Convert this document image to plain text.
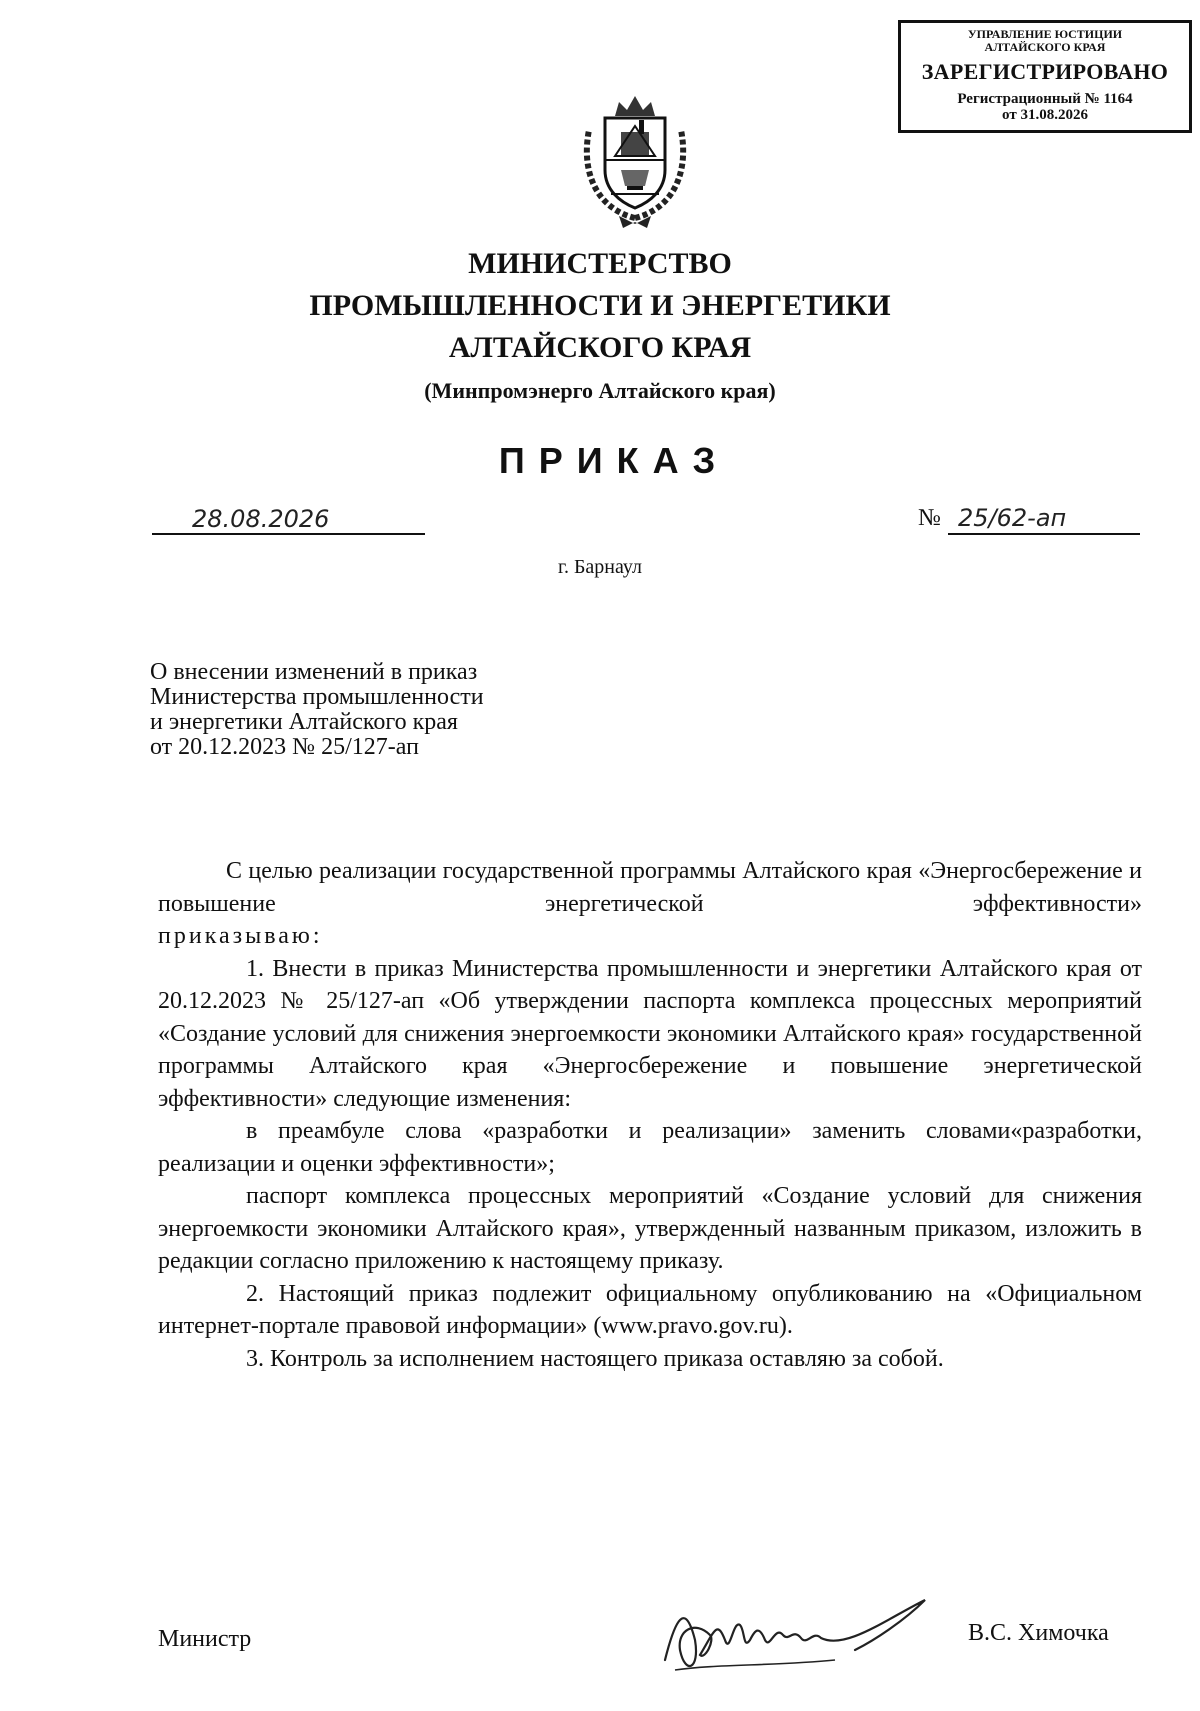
УПРАВЛЕНИЕ ЮСТИЦИИ
АЛТАЙСКОГО КРАЯ
ЗАРЕГИСТРИРОВАНО
Регистрационный № 1164
от 31.08.2026
МИНИСТЕРСТВО
ПРОМЫШЛЕННОСТИ И ЭНЕРГЕТИКИ
АЛТАЙСКОГО КРАЯ
(Минпромэнерго Алтайского края)
ПРИКАЗ
28.08.2026	№ 25/62-ап
г. Барнаул
О внесении изменений в приказ
Министерства промышленности
и энергетики Алтайского края
от 20.12.2023 № 25/127-ап

С целью реализации государственной программы Алтайского края «Энергосбережение и повышение энергетической эффективности»

приказываю:

1. Внести в приказ Министерства промышленности и энергетики Алтайского края от 20.12.2023 № 25/127-ап «Об утверждении паспорта комплекса процессных мероприятий «Создание условий для снижения энергоемкости экономики Алтайского края» государственной программы Алтайского края «Энергосбережение и повышение энергетической эффективности» следующие изменения:

в преамбуле слова «разработки и реализации» заменить словами«разработки, реализации и оценки эффективности»;

паспорт комплекса процессных мероприятий «Создание условий для снижения энергоемкости экономики Алтайского края», утвержденный названным приказом, изложить в редакции согласно приложению к настоящему приказу.

2. Настоящий приказ подлежит официальному опубликованию на «Официальном интернет-портале правовой информации» (www.pravo.gov.ru).

3. Контроль за исполнением настоящего приказа оставляю за собой.

Министр	В.С. Химочка
